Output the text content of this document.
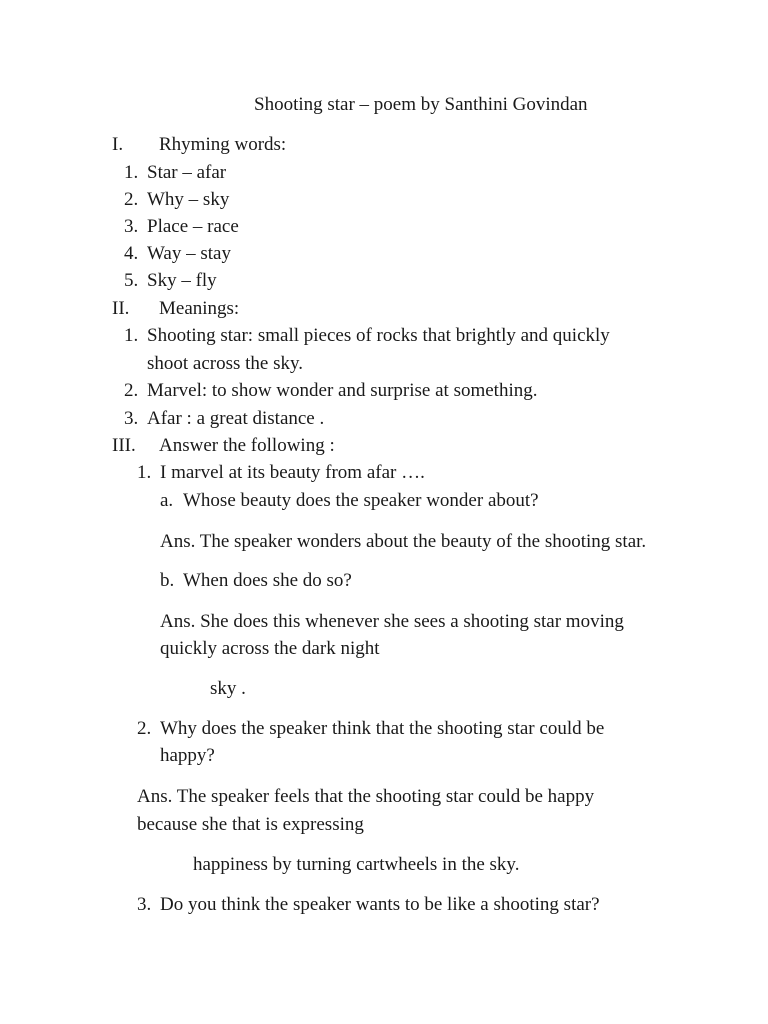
Shooting star – poem by Santhini Govindan
I. Rhyming words:
1. Star – afar
2. Why – sky
3. Place – race
4. Way – stay
5. Sky – fly
II. Meanings:
1. Shooting star: small pieces of rocks that brightly and quickly
shoot across the sky.
2. Marvel: to show wonder and surprise at something.
3. Afar : a great distance .
III. Answer the following :
1. I marvel at its beauty from afar ….
a. Whose beauty does the speaker wonder about?
Ans. The speaker wonders about the beauty of the shooting star.
b. When does she do so?
Ans. She does this whenever she sees a shooting star moving
quickly across the dark night
sky .
2. Why does the speaker think that the shooting star could be
happy?
Ans. The speaker feels that the shooting star could be happy
because she that is expressing
happiness by turning cartwheels in the sky.
3. Do you think the speaker wants to be like a shooting star?
